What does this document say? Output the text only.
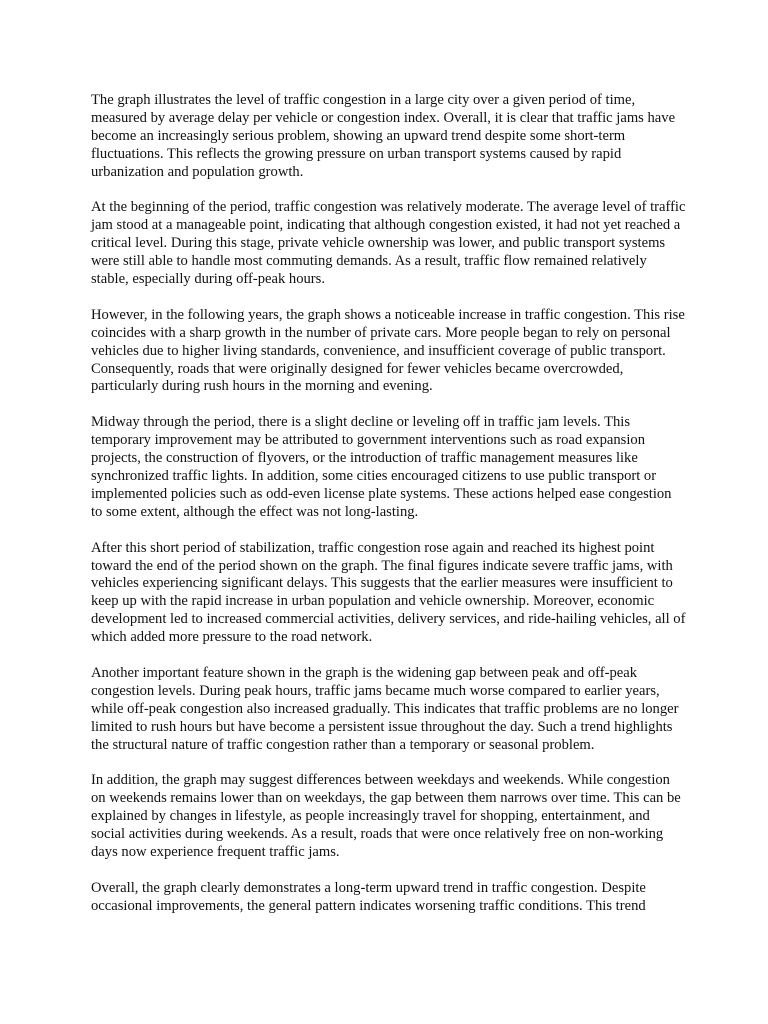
The graph illustrates the level of traffic congestion in a large city over a given period of time, measured by average delay per vehicle or congestion index. Overall, it is clear that traffic jams have become an increasingly serious problem, showing an upward trend despite some short-term fluctuations. This reflects the growing pressure on urban transport systems caused by rapid urbanization and population growth.

At the beginning of the period, traffic congestion was relatively moderate. The average level of traffic jam stood at a manageable point, indicating that although congestion existed, it had not yet reached a critical level. During this stage, private vehicle ownership was lower, and public transport systems were still able to handle most commuting demands. As a result, traffic flow remained relatively stable, especially during off-peak hours.

However, in the following years, the graph shows a noticeable increase in traffic congestion. This rise coincides with a sharp growth in the number of private cars. More people began to rely on personal vehicles due to higher living standards, convenience, and insufficient coverage of public transport. Consequently, roads that were originally designed for fewer vehicles became overcrowded, particularly during rush hours in the morning and evening.

Midway through the period, there is a slight decline or leveling off in traffic jam levels. This temporary improvement may be attributed to government interventions such as road expansion projects, the construction of flyovers, or the introduction of traffic management measures like synchronized traffic lights. In addition, some cities encouraged citizens to use public transport or implemented policies such as odd-even license plate systems. These actions helped ease congestion to some extent, although the effect was not long-lasting.

After this short period of stabilization, traffic congestion rose again and reached its highest point toward the end of the period shown on the graph. The final figures indicate severe traffic jams, with vehicles experiencing significant delays. This suggests that the earlier measures were insufficient to keep up with the rapid increase in urban population and vehicle ownership. Moreover, economic development led to increased commercial activities, delivery services, and ride-hailing vehicles, all of which added more pressure to the road network.

Another important feature shown in the graph is the widening gap between peak and off-peak congestion levels. During peak hours, traffic jams became much worse compared to earlier years, while off-peak congestion also increased gradually. This indicates that traffic problems are no longer limited to rush hours but have become a persistent issue throughout the day. Such a trend highlights the structural nature of traffic congestion rather than a temporary or seasonal problem.

In addition, the graph may suggest differences between weekdays and weekends. While congestion on weekends remains lower than on weekdays, the gap between them narrows over time. This can be explained by changes in lifestyle, as people increasingly travel for shopping, entertainment, and social activities during weekends. As a result, roads that were once relatively free on non-working days now experience frequent traffic jams.

Overall, the graph clearly demonstrates a long-term upward trend in traffic congestion. Despite occasional improvements, the general pattern indicates worsening traffic conditions. This trend
